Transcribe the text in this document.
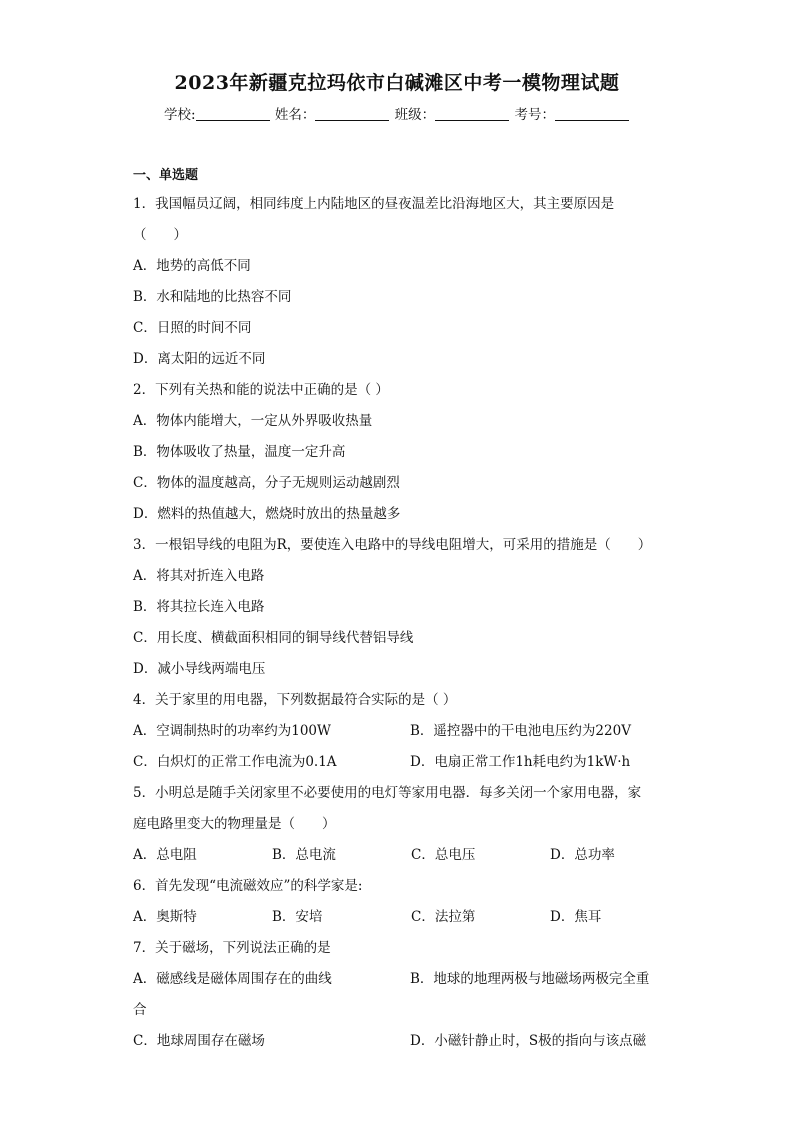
2023年新疆克拉玛依市白碱滩区中考一模物理试题
学校:	姓名：	班级：	考号：
一、单选题
1．我国幅员辽阔，相同纬度上内陆地区的昼夜温差比沿海地区大，其主要原因是
（　　）
A．地势的高低不同
B．水和陆地的比热容不同
C．日照的时间不同
D．离太阳的远近不同
2．下列有关热和能的说法中正确的是（ ）
A．物体内能增大，一定从外界吸收热量
B．物体吸收了热量，温度一定升高
C．物体的温度越高，分子无规则运动越剧烈
D．燃料的热值越大，燃烧时放出的热量越多
3．一根铝导线的电阻为R，要使连入电路中的导线电阻增大，可采用的措施是（　　）
A．将其对折连入电路
B．将其拉长连入电路
C．用长度、横截面积相同的铜导线代替铝导线
D．减小导线两端电压
4．关于家里的用电器，下列数据最符合实际的是（ ）
A．空调制热时的功率约为100W	B．遥控器中的干电池电压约为220V
C．白炽灯的正常工作电流为0.1A	D．电扇正常工作1h耗电约为1kW·h
5．小明总是随手关闭家里不必要使用的电灯等家用电器．每多关闭一个家用电器，家
庭电路里变大的物理量是（　　）
A．总电阻	B．总电流	C．总电压	D．总功率
6．首先发现“电流磁效应”的科学家是:
A．奥斯特	B．安培	C．法拉第	D．焦耳
7．关于磁场，下列说法正确的是
A．磁感线是磁体周围存在的曲线	B．地球的地理两极与地磁场两极完全重
合
C．地球周围存在磁场	D．小磁针静止时，S极的指向与该点磁
